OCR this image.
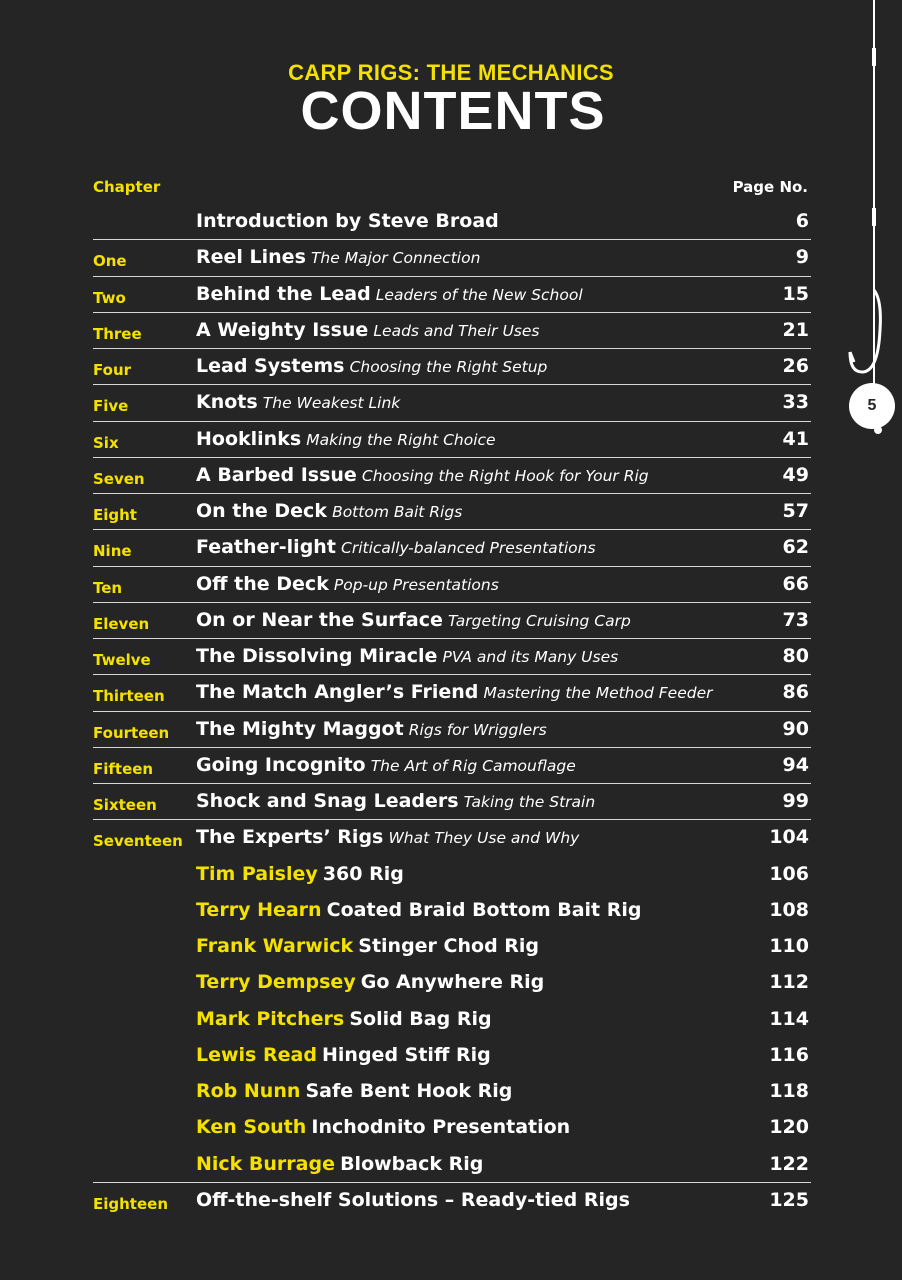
CARP RIGS: THE MECHANICS
CONTENTS
Chapter	Page No.
Introduction by Steve Broad	6
One	Reel Lines The Major Connection	9
Two	Behind the Lead Leaders of the New School	15
Three	A Weighty Issue Leads and Their Uses	21
Four	Lead Systems Choosing the Right Setup	26
Five	Knots The Weakest Link	33
Six	Hooklinks Making the Right Choice	41
Seven	A Barbed Issue Choosing the Right Hook for Your Rig	49
Eight	On the Deck Bottom Bait Rigs	57
Nine	Feather-light Critically-balanced Presentations	62
Ten	Off the Deck Pop-up Presentations	66
Eleven On or Near the Surface Targeting Cruising Carp	73
Twelve The Dissolving Miracle PVA and its Many Uses	80
Thirteen The Match Angler’s Friend Mastering the Method Feeder	86
Fourteen The Mighty Maggot Rigs for Wrigglers	90
Fifteen Going Incognito The Art of Rig Camouflage	94
Sixteen Shock and Snag Leaders Taking the Strain	99
Seventeen The Experts’ Rigs What They Use and Why	104
Tim Paisley 360 Rig	106
Terry Hearn Coated Braid Bottom Bait Rig	108
Frank Warwick Stinger Chod Rig	110
Terry Dempsey Go Anywhere Rig	112
Mark Pitchers Solid Bag Rig	114
Lewis Read Hinged Stiff Rig	116
Rob Nunn Safe Bent Hook Rig	118
Ken South Inchodnito Presentation	120
Nick Burrage Blowback Rig	122
Eighteen Off-the-shelf Solutions – Ready-tied Rigs	125
5
